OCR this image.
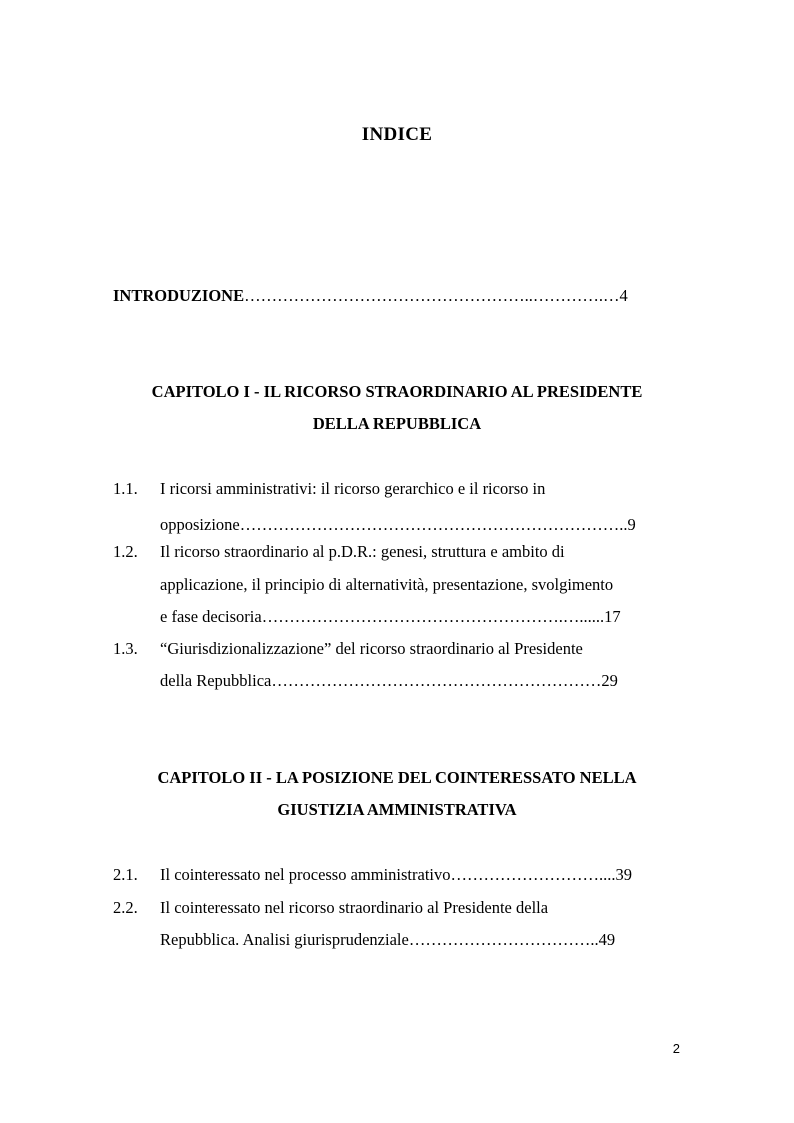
INDICE
INTRODUZIONE……………………………………………..………….…4
CAPITOLO I - IL RICORSO STRAORDINARIO AL PRESIDENTE
DELLA REPUBBLICA
1.1. I ricorsi amministrativi: il ricorso gerarchico e il ricorso in
opposizione……………………………………………………………..9
1.2. Il ricorso straordinario al p.D.R.: genesi, struttura e ambito di
applicazione, il principio di alternatività, presentazione, svolgimento
e fase decisoria……………………………………………….…......17
1.3. “Giurisdizionalizzazione” del ricorso straordinario al Presidente
della Repubblica……………………………………………………29
CAPITOLO II - LA POSIZIONE DEL COINTERESSATO NELLA
GIUSTIZIA AMMINISTRATIVA
2.1. Il cointeressato nel processo amministrativo………………………....39
2.2. Il cointeressato nel ricorso straordinario al Presidente della
Repubblica. Analisi giurisprudenziale……………………………..49
2
